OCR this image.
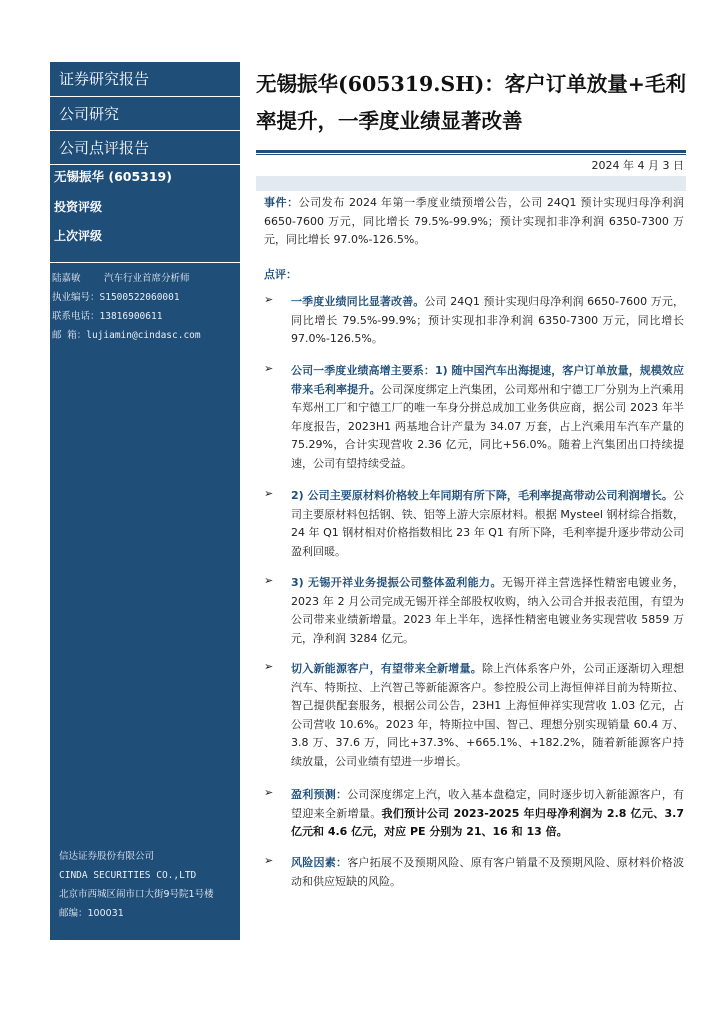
证券研究报告
公司研究
公司点评报告
无锡振华 (605319)
投资评级
上次评级
陆嘉敏 汽车行业首席分析师
执业编号：S1500522060001
联系电话：13816900611
邮 箱：lujiamin@cindasc.com
信达证券股份有限公司
CINDA SECURITIES CO.,LTD
北京市西城区闹市口大街9号院1号楼
邮编：100031
无锡振华(605319.SH)：客户订单放量+毛利率提升，一季度业绩显著改善
2024 年 4 月 3 日
事件：公司发布 2024 年第一季度业绩预增公告，公司 24Q1 预计实现归母净利润 6650-7600 万元，同比增长 79.5%-99.9%；预计实现扣非净利润 6350-7300 万元，同比增长 97.0%-126.5%。
点评：
➢ 一季度业绩同比显著改善。公司 24Q1 预计实现归母净利润 6650-7600 万元，同比增长 79.5%-99.9%；预计实现扣非净利润 6350-7300 万元，同比增长 97.0%-126.5%。
➢ 公司一季度业绩高增主要系：1) 随中国汽车出海提速，客户订单放量，规模效应带来毛利率提升。公司深度绑定上汽集团，公司郑州和宁德工厂分别为上汽乘用车郑州工厂和宁德工厂的唯一车身分拼总成加工业务供应商，据公司 2023 年半年度报告，2023H1 两基地合计产量为 34.07 万套，占上汽乘用车汽车产量的 75.29%，合计实现营收 2.36 亿元，同比+56.0%。随着上汽集团出口持续提速，公司有望持续受益。
➢ 2) 公司主要原材料价格较上年同期有所下降，毛利率提高带动公司利润增长。公司主要原材料包括钢、铁、铝等上游大宗原材料。根据 Mysteel 钢材综合指数，24 年 Q1 钢材相对价格指数相比 23 年 Q1 有所下降，毛利率提升逐步带动公司盈利回暖。
➢ 3) 无锡开祥业务提振公司整体盈利能力。无锡开祥主营选择性精密电镀业务，2023 年 2 月公司完成无锡开祥全部股权收购，纳入公司合并报表范围，有望为公司带来业绩新增量。2023 年上半年，选择性精密电镀业务实现营收 5859 万元，净利润 3284 亿元。
➢ 切入新能源客户，有望带来全新增量。除上汽体系客户外，公司正逐渐切入理想汽车、特斯拉、上汽智己等新能源客户。参控股公司上海恒伸祥目前为特斯拉、智己提供配套服务，根据公司公告，23H1 上海恒伸祥实现营收 1.03 亿元，占公司营收 10.6%。2023 年，特斯拉中国、智己、理想分别实现销量 60.4 万、3.8 万、37.6 万，同比+37.3%、+665.1%、+182.2%，随着新能源客户持续放量，公司业绩有望进一步增长。
➢ 盈利预测：公司深度绑定上汽，收入基本盘稳定，同时逐步切入新能源客户，有望迎来全新增量。我们预计公司 2023-2025 年归母净利润为 2.8 亿元、3.7 亿元和 4.6 亿元，对应 PE 分别为 21、16 和 13 倍。
➢ 风险因素：客户拓展不及预期风险、原有客户销量不及预期风险、原材料价格波动和供应短缺的风险。
